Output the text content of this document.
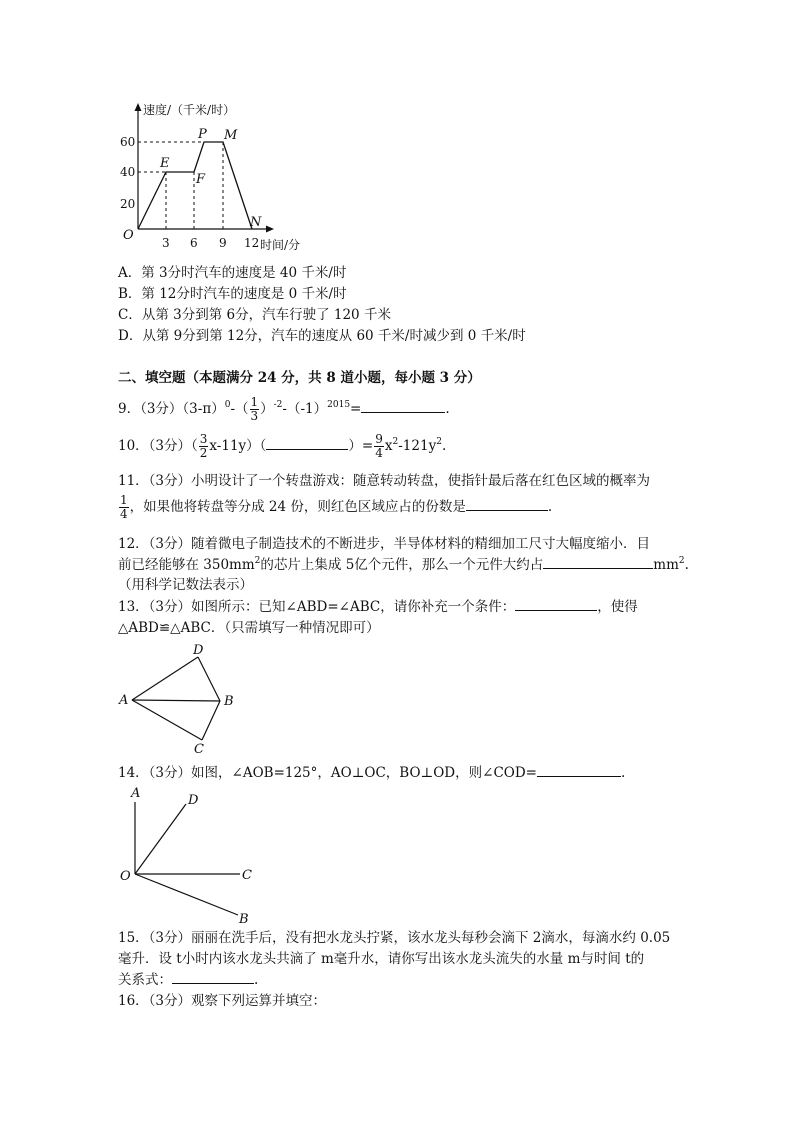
速度/（千米/时）
时间/分
60
40
20
O 3 6 9 12
E
F
P M
N
A．第 3分时汽车的速度是 40 千米/时
B．第 12分时汽车的速度是 0 千米/时
C．从第 3分到第 6分，汽车行驶了 120 千米
D．从第 9分到第 12分，汽车的速度从 60 千米/时减少到 0 千米/时
二、填空题（本题满分 24 分，共 8 道小题，每小题 3 分）
9．（3分）$(3-\pi)^0-( \frac{1}{3} )^{-2}-(-1)^{2015}=$	.
10．（3分）（ $\frac{3}{2} x-11y$）（	）= $\frac{9}{4} x^2-121y^2$.
11．（3分）小明设计了一个转盘游戏：随意转动转盘，使指针最后落在红色区域的概率为
$\frac{1}{4}$ ，如果他将转盘等分成 24 份，则红色区域应占的份数是	.
12．（3分）随着微电子制造技术的不断进步，半导体材料的精细加工尺寸大幅度缩小．目
前已经能够在 $350mm^2$的芯片上集成 5亿个元件，那么一个元件大约占	$mm^2$.
（用科学记数法表示）
13．（3分）如图所示：已知∠ABD=∠ABC，请你补充一个条件：	，使得
△ABD≌△ABC．（只需填写一种情况即可）
D
A	B
C
14．（3分）如图，∠AOB=125°，AO⊥OC，BO⊥OD，则∠COD=	.
A	D
O	C
B
15．（3分）丽丽在洗手后，没有把水龙头拧紧，该水龙头每秒会滴下 2滴水，每滴水约 0.05
毫升．设 t小时内该水龙头共滴了 m毫升水，请你写出该水龙头流失的水量 m与时间 t的
关系式：	.
16．（3分）观察下列运算并填空：
